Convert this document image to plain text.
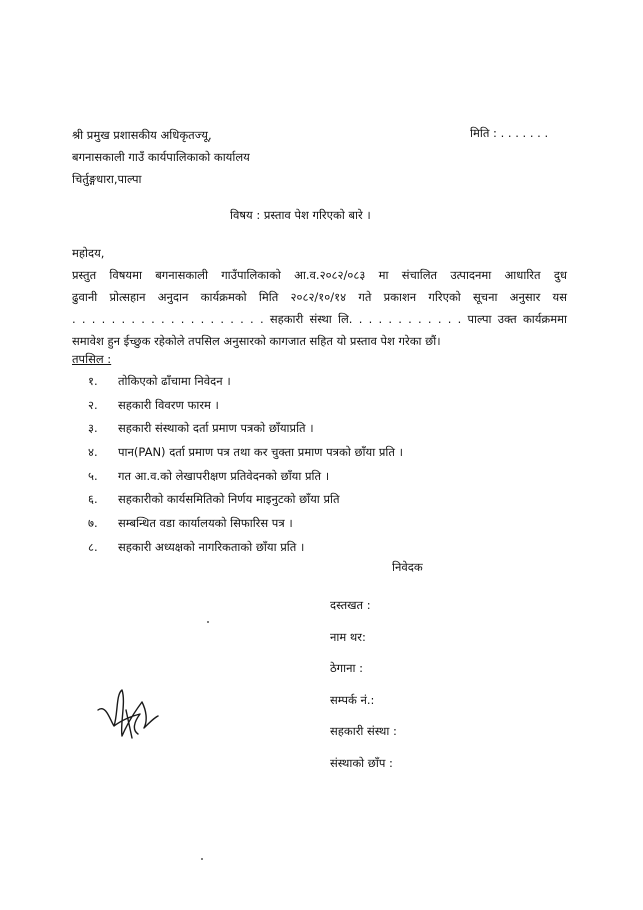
श्री प्रमुख प्रशासकीय अधिकृतज्यू,
बगनासकाली गाउँ कार्यपालिकाको कार्यालय
चिर्तुङ्गधारा,पाल्पा
मिति : . . . . . . .
विषय : प्रस्ताव पेश गरिएको बारे ।

महोदय,

प्रस्तुत विषयमा बगनासकाली गाउँपालिकाको आ.व.२०८२/०८३ मा संचालित उत्पादनमा आधारित दुध

ढुवानी प्रोत्सहान अनुदान कार्यक्रमको मिति २०८२/१०/१४ गते प्रकाशन गरिएको सूचना अनुसार यस

. . . . . . . . . . . . . . . . . . . . सहकारी संस्था लि. . . . . . . . . . . . पाल्पा उक्त कार्यक्रममा

समावेश हुन ईच्छुक रहेकोले तपसिल अनुसारको कागजात सहित यो प्रस्ताव पेश गरेका छौं।

तपसिल :
१.	तोकिएको ढाँचामा निवेदन ।
२.	सहकारी विवरण फारम ।
३.	सहकारी संस्थाको दर्ता प्रमाण पत्रको छाँयाप्रति ।
४.	पान(PAN) दर्ता प्रमाण पत्र तथा कर चुक्ता प्रमाण पत्रको छाँया प्रति ।
५.	गत आ.व.को लेखापरीक्षण प्रतिवेदनको छाँया प्रति ।
६.	सहकारीको कार्यसमितिको निर्णय माइनुटको छाँया प्रति
७.	सम्बन्धित वडा कार्यालयको सिफारिस पत्र ।
८.	सहकारी अध्यक्षको नागरिकताको छाँया प्रति ।
निवेदक
दस्तखत :
नाम थर:
ठेगाना :
सम्पर्क नं.:
सहकारी संस्था :
संस्थाको छाँप :
